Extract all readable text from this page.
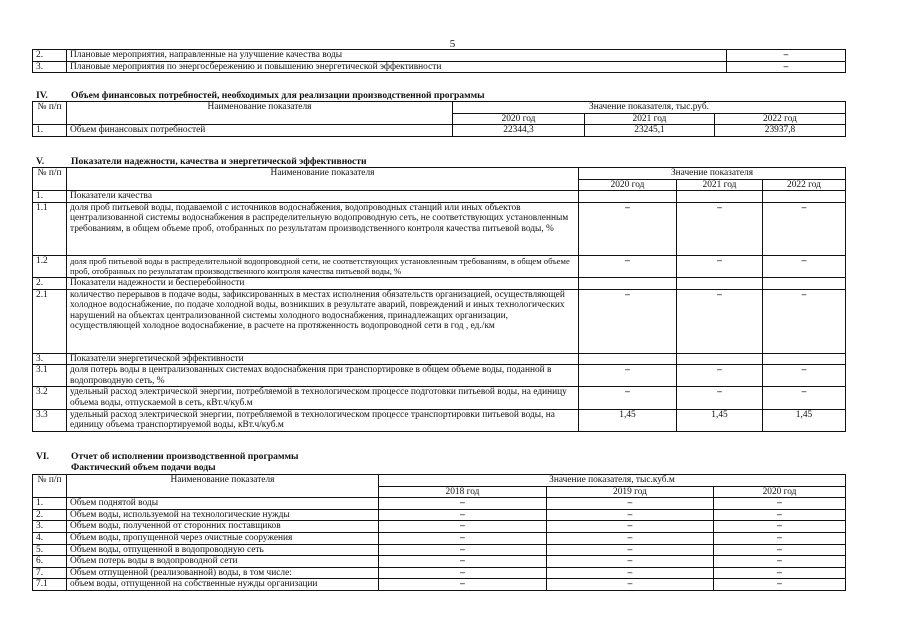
5
2.	Плановые мероприятия, направленные на улучшение качества воды	–
3.	Плановые мероприятия по энергосбережению и повышению энергетической эффективности	–
IV. Объем финансовых потребностей, необходимых для реализации производственной программы
№ п/п	Наименование показателя	Значение показателя, тыс.руб.		
		2020 год	2021 год	2022 год
1.	Объем финансовых потребностей	22344,3	23245,1	23937,8
V.	Показатели надежности, качества и энергетической эффективности
№ п/п	Наименование показателя	Значение показателя		
		2020 год	2021 год	2022 год
1.	Показатели качества			
1.1	доля проб питьевой воды, подаваемой с источников водоснабжения, водопроводных станций или иных объектов централизованной системы водоснабжения в распределительную водопроводную сеть, не соответствующих установленным требованиям, в общем объеме проб, отобранных по результатам производственного контроля качества питьевой воды, %	–	–	–
1.2	доля проб питьевой воды в распределительной водопроводной сети, не соответствующих установленным требованиям, в общем объеме проб, отобранных по результатам производственного контроля качества питьевой воды, %	–	–	–
2.	Показатели надежности и бесперебойности			
2.1	количество перерывов в подаче воды, зафиксированных в местах исполнения обязательств организацией, осуществляющей холодное водоснабжение, по подаче холодной воды, возникших в результате аварий, повреждений и иных технологических нарушений на объектах централизованной системы холодного водоснабжения, принадлежащих организации, осуществляющей холодное водоснабжение, в расчете на протяженность водопроводной сети в год , ед./км	–	–	–
3.	Показатели энергетической эффективности			
3.1	доля потерь воды в централизованных системах водоснабжения при транспортировке в общем объеме воды, поданной в водопроводную сеть, %	–	–	–
3.2	удельный расход электрической энергии, потребляемой в технологическом процессе подготовки питьевой воды, на единицу объема воды, отпускаемой в сеть, кВт.ч/куб.м	–	–	–
3.3	удельный расход электрической энергии, потребляемой в технологическом процессе транспортировки питьевой воды, на единицу объема транспортируемой воды, кВт.ч/куб.м	1,45	1,45	1,45
VI. Отчет об исполнении производственной программы
Фактический объем подачи воды
№ п/п	Наименование показателя	Значение показателя, тыс.куб.м		
		2018 год	2019 год	2020 год
1.	Объем поднятой воды	–	–	–
2.	Объем воды, используемой на технологические нужды	–	–	–
3.	Объем воды, полученной от сторонних поставщиков	–	–	–
4.	Объем воды, пропущенной через очистные сооружения	–	–	–
5.	Объем воды, отпущенной в водопроводную сеть	–	–	–
6.	Объем потерь воды в водопроводной сети	–	–	–
7.	Объем отпущенной (реализованной) воды, в том числе:	–	–	–
7.1	объем воды, отпущенной на собственные нужды организации	–	–	–
